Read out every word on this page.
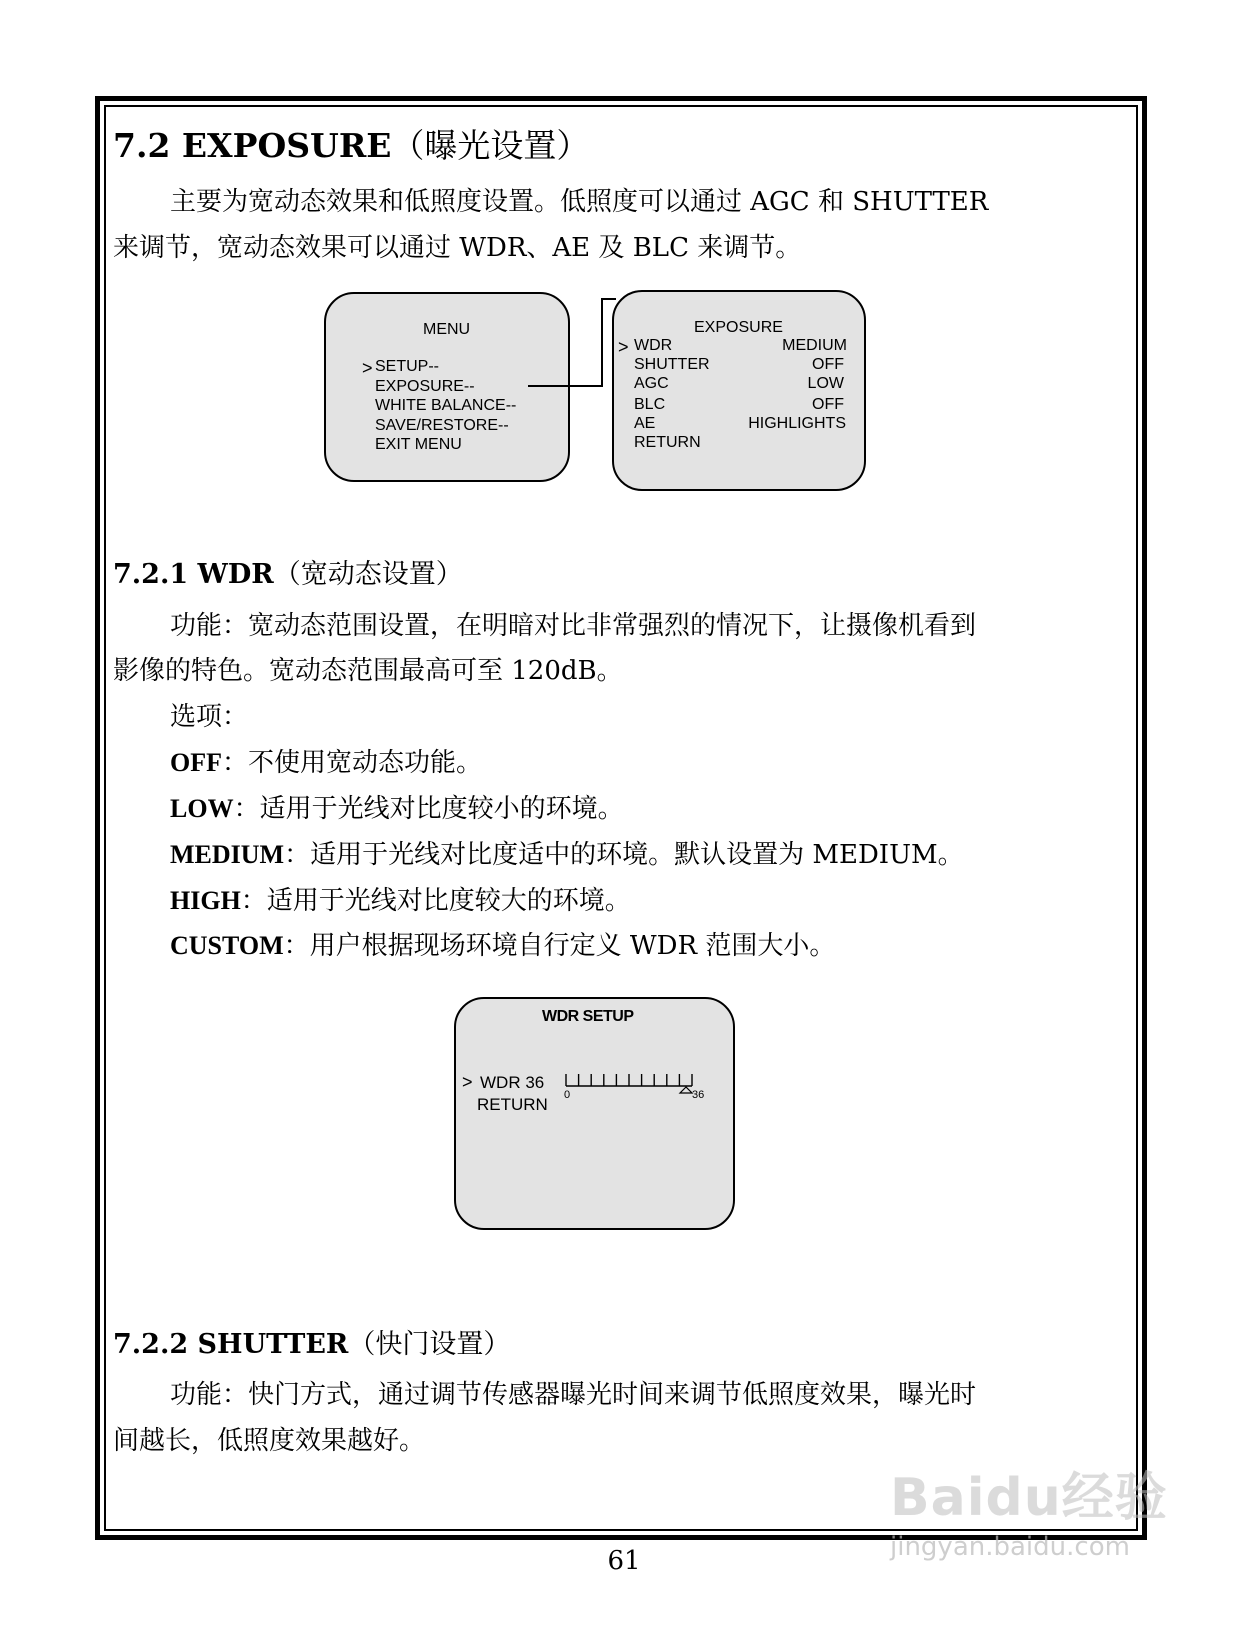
7.2 EXPOSURE（曝光设置）
主要为宽动态效果和低照度设置。低照度可以通过 AGC 和 SHUTTER
来调节，宽动态效果可以通过 WDR、AE 及 BLC 来调节。
MENU
> SETUP--
EXPOSURE--
WHITE BALANCE--
SAVE/RESTORE--
EXIT MENU
EXPOSURE
> WDR	MEDIUM
SHUTTER	OFF
AGC	LOW
BLC	OFF
AE	HIGHLIGHTS
RETURN
7.2.1 WDR（宽动态设置）
功能：宽动态范围设置，在明暗对比非常强烈的情况下，让摄像机看到
影像的特色。宽动态范围最高可至 120dB。
选项：
OFF：不使用宽动态功能。
LOW：适用于光线对比度较小的环境。
MEDIUM：适用于光线对比度适中的环境。默认设置为 MEDIUM。
HIGH：适用于光线对比度较大的环境。
CUSTOM：用户根据现场环境自行定义 WDR 范围大小。
WDR SETUP
> WDR 36
RETURN 0	36
7.2.2 SHUTTER（快门设置）
功能：快门方式，通过调节传感器曝光时间来调节低照度效果，曝光时
间越长，低照度效果越好。
61
Baidu经验
jingyan.baidu.com
